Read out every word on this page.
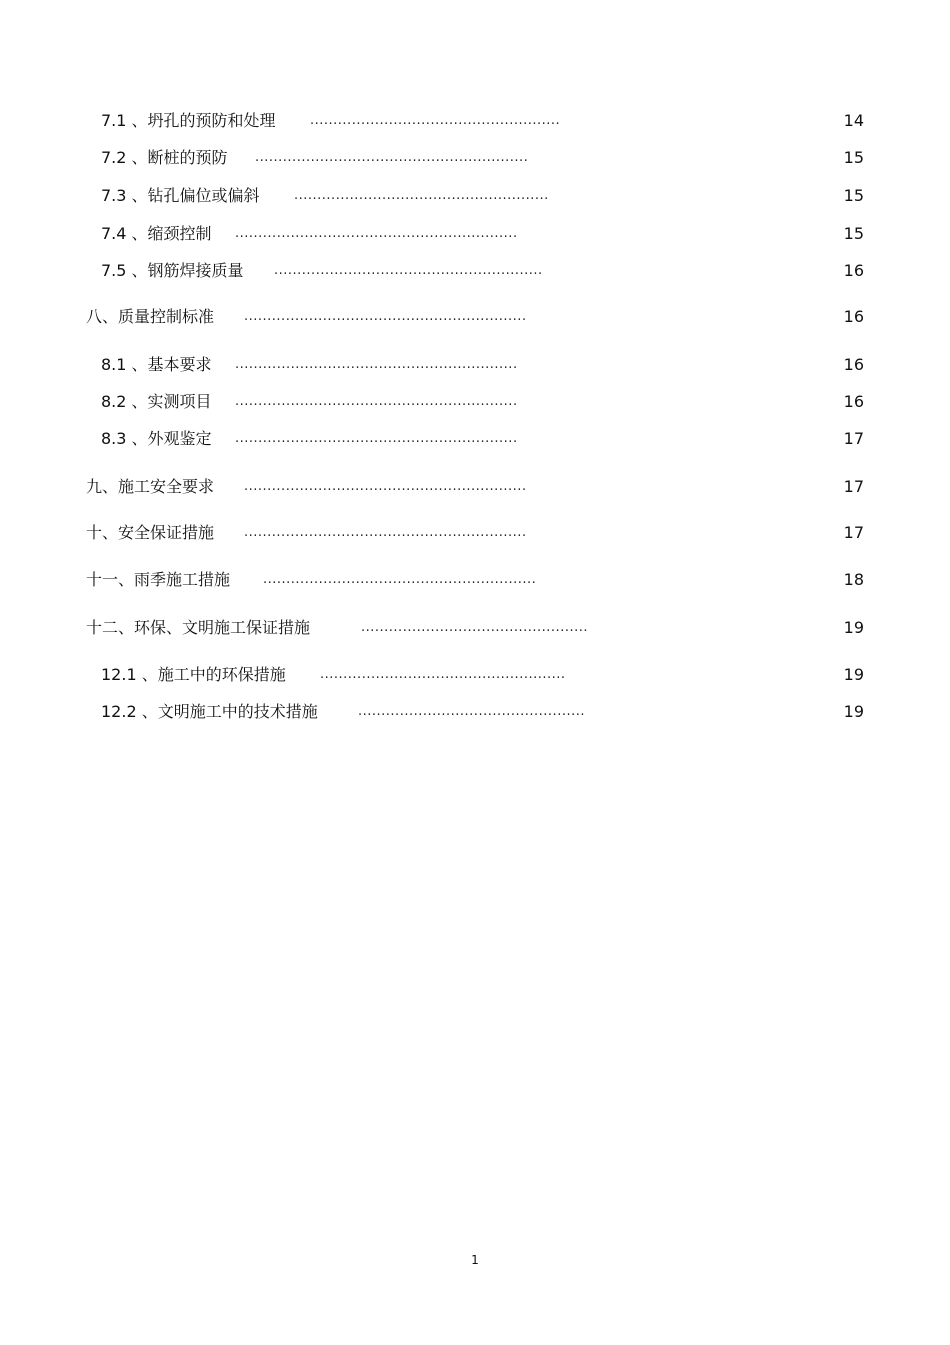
7.1 、坍孔的预防和处理	......................................................	14
7.2 、断桩的预防 ...........................................................	15
7.3 、钻孔偏位或偏斜	.......................................................	15
7.4 、缩颈控制 .............................................................	15
7.5 、钢筋焊接质量 ..........................................................	16
八、质量控制标准 .............................................................	16
8.1 、基本要求 .............................................................	16
8.2 、实测项目 .............................................................	16
8.3 、外观鉴定 .............................................................	17
九、施工安全要求 .............................................................	17
十、安全保证措施 .............................................................	17
十一、雨季施工措施	...........................................................	18
十二、环保、文明施工保证措施	.................................................	19
12.1 、施工中的环保措施	.....................................................	19
12.2 、文明施工中的技术措施	.................................................	19
1
